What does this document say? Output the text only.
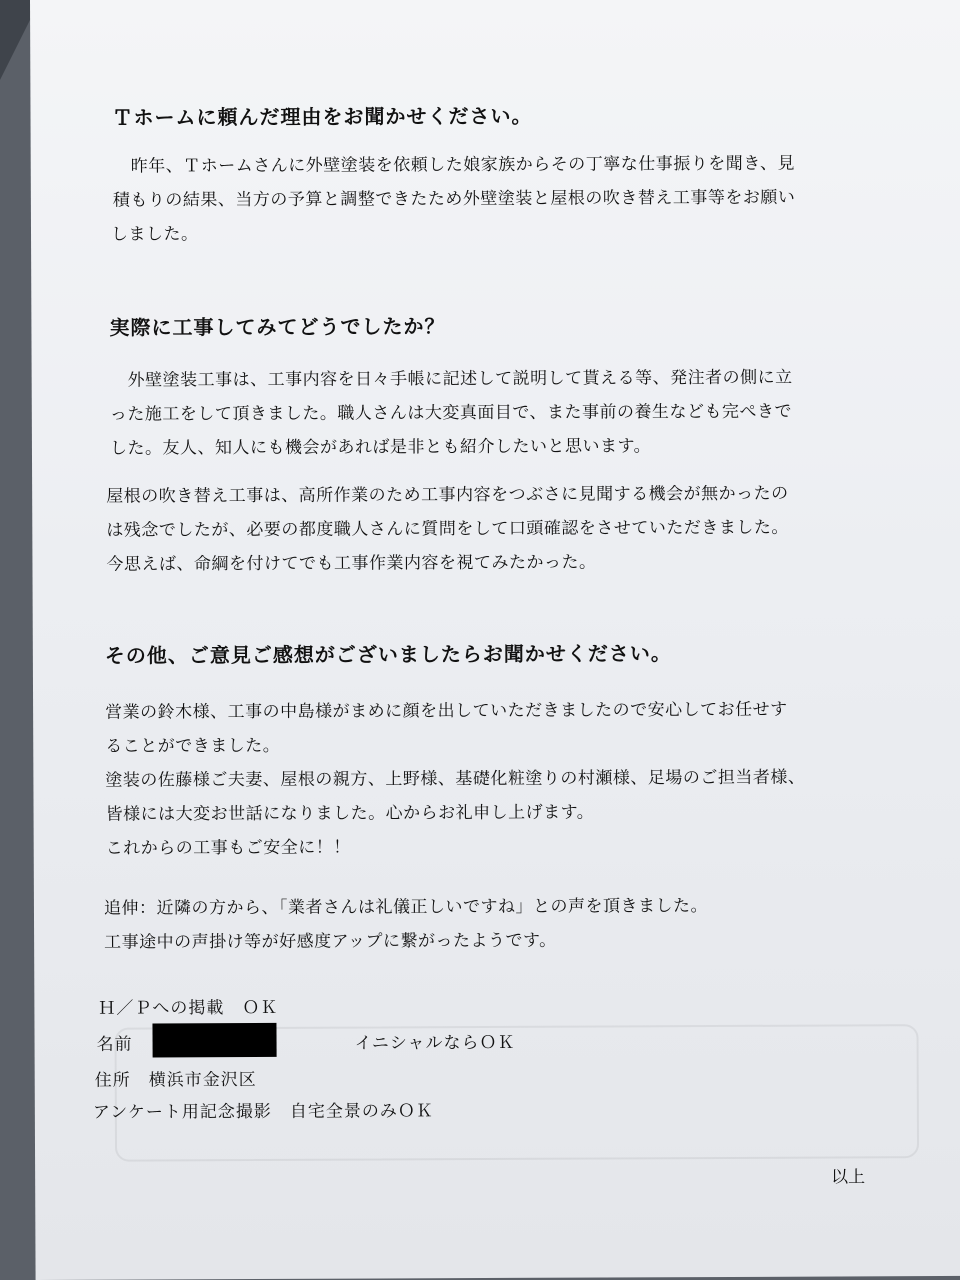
Ｔホームに頼んだ理由をお聞かせください。
昨年、Ｔホームさんに外壁塗装を依頼した娘家族からその丁寧な仕事振りを聞き、見
積もりの結果、当方の予算と調整できたため外壁塗装と屋根の吹き替え工事等をお願い
しました。
実際に工事してみてどうでしたか？
外壁塗装工事は、工事内容を日々手帳に記述して説明して貰える等、発注者の側に立
った施工をして頂きました。職人さんは大変真面目で、また事前の養生なども完ぺきで
した。友人、知人にも機会があれば是非とも紹介したいと思います。
屋根の吹き替え工事は、高所作業のため工事内容をつぶさに見聞する機会が無かったの
は残念でしたが、必要の都度職人さんに質問をして口頭確認をさせていただきました。
今思えば、命綱を付けてでも工事作業内容を視てみたかった。
その他、ご意見ご感想がございましたらお聞かせください。
営業の鈴木様、工事の中島様がまめに顔を出していただきましたので安心してお任せす
ることができました。
塗装の佐藤様ご夫妻、屋根の親方、上野様、基礎化粧塗りの村瀬様、足場のご担当者様、
皆様には大変お世話になりました。心からお礼申し上げます。
これからの工事もご安全に！！
追伸：近隣の方から、「業者さんは礼儀正しいですね」との声を頂きました。
工事途中の声掛け等が好感度アップに繋がったようです。

Ｈ／Ｐへの掲載　ＯＫ

名前	イニシャルならＯＫ

住所　横浜市金沢区

アンケート用記念撮影　自宅全景のみＯＫ

以上
